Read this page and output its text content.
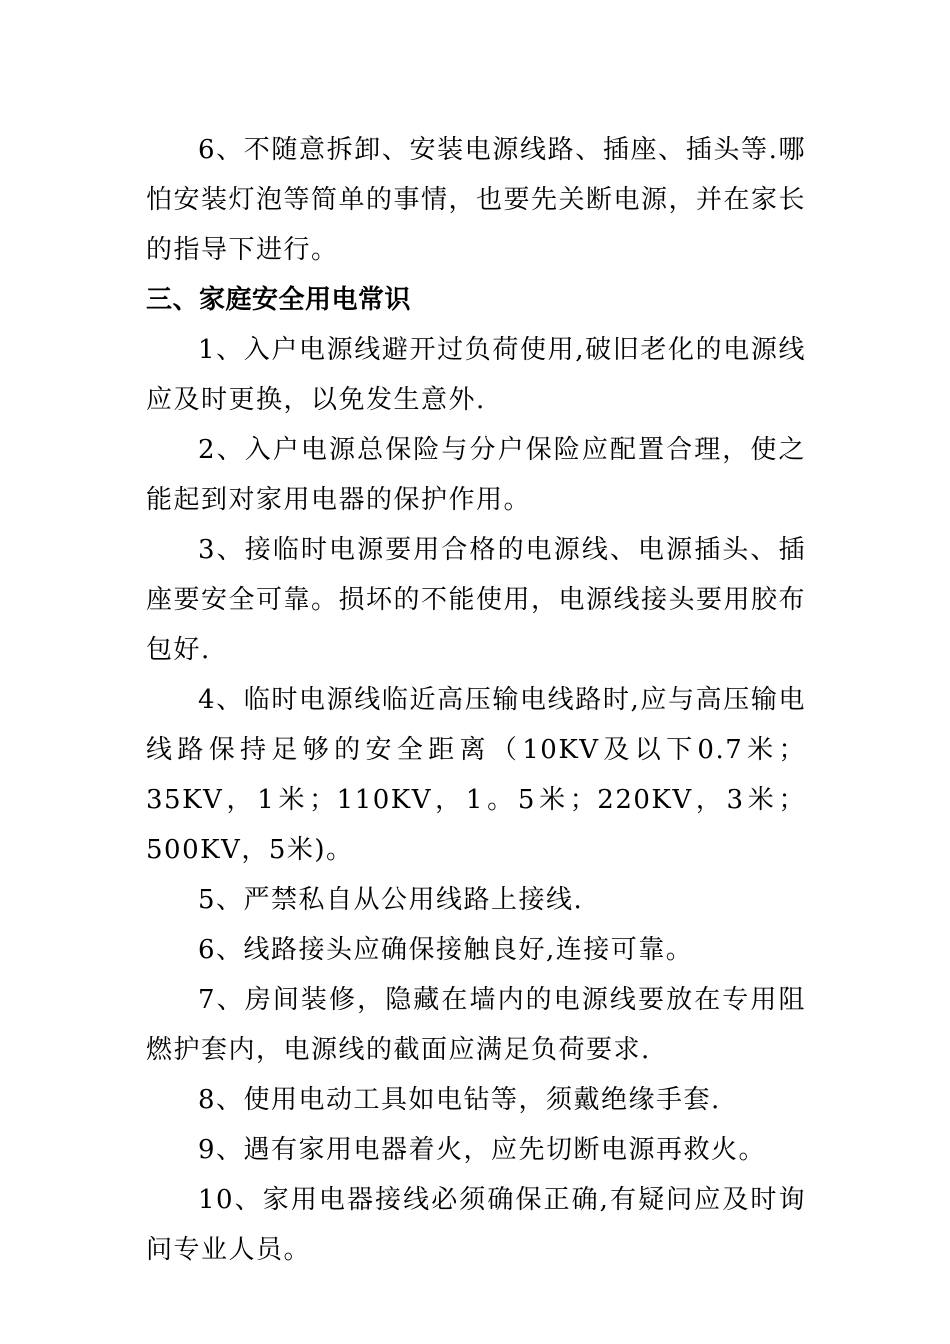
6、不随意拆卸、安装电源线路、插座、插头等.哪怕安装灯泡等简单的事情，也要先关断电源，并在家长的指导下进行。

三、家庭安全用电常识

1、入户电源线避开过负荷使用,破旧老化的电源线应及时更换，以免发生意外.

2、入户电源总保险与分户保险应配置合理，使之能起到对家用电器的保护作用。

3、接临时电源要用合格的电源线、电源插头、插座要安全可靠。损坏的不能使用，电源线接头要用胶布包好.

4、临时电源线临近高压输电线路时,应与高压输电线路保持足够的安全距离（10KV及以下0.7米；35KV，1米；110KV，1。5米；220KV，3米；500KV，5米)。

5、严禁私自从公用线路上接线.

6、线路接头应确保接触良好,连接可靠。

7、房间装修，隐藏在墙内的电源线要放在专用阻燃护套内，电源线的截面应满足负荷要求.

8、使用电动工具如电钻等，须戴绝缘手套.

9、遇有家用电器着火，应先切断电源再救火。

10、家用电器接线必须确保正确,有疑问应及时询问专业人员。
